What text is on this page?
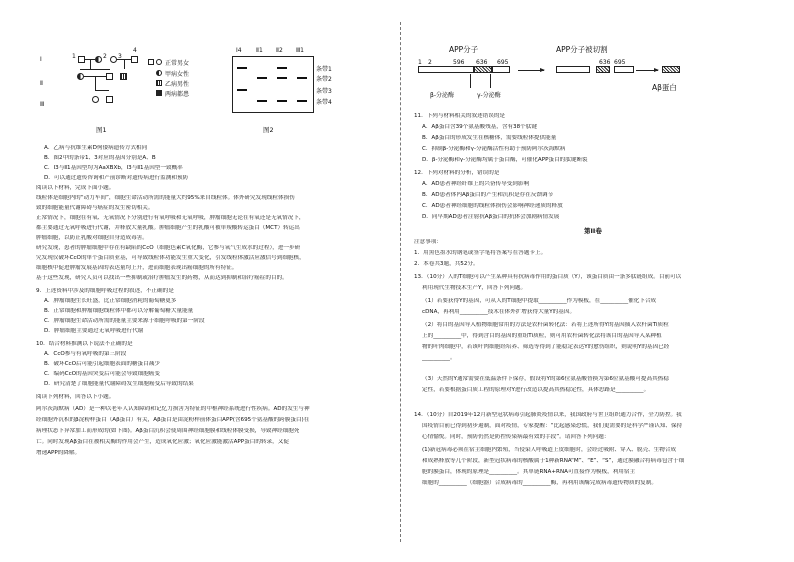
Ⅰ
Ⅱ
Ⅲ
1	2 3
4
正常男女
甲病女性
乙病男性
两病都患
图1
Ⅰ4 Ⅱ1 Ⅱ2 Ⅲ1
条带1
条带2
条带3
条带4
图2
A．乙病与抗维生素D佝偻病遗传方式相同
B．图2中的条带1、3对应的基因分别是A、B
C．Ⅰ3与Ⅱ1基因型均为AaXBXb，Ⅰ3与Ⅱ1基因型一致概率
D．可以通过遗传咨询和产前诊断对遗传病进行监测和预防
阅读以下材料，完成下面小题。
线粒体是细胞内的“动力车间”，细胞生命活动所需的能量大约95%来自线粒体。体外研究发现线粒体损伤
致的细胞能量代谢障碍与癌症的发生密切相关。
正常情况下，细胞在有氧、无氧情况下分别进行有氧呼吸和无氧呼吸，肿瘤细胞无论在有氧还是无氧情况下，
都主要通过无氧呼吸进行代谢，并释放大量乳酸。肿瘤细胞产生的乳酸可被单羧酸转运蛋白（MCT）转运出
肿瘤细胞，以防止乳酸对细胞自身造成毒害。
研究发现，患者的肿瘤细胞中存在有缺陷的CcO（细胞色素C氧化酶，它参与氧气生成水的过程），进一步研
究发现仅破坏CcO的单个蛋白质亚基，可导致线粒体功能发生重大变化，引发线粒体激活应激信号到细胞核，
细胞核中促进肿瘤发展基因的表达量均上升，进而细胞表现出癌细胞的所有特征。
基于这些发现，研究人员可以找出一些抑制或治疗肿瘤发生的药物，从而达到抑制和治疗癌症的目的。
9．上述资料中涉及的细胞呼吸过程的叙述，不正确的是
A．肿瘤细胞生长旺盛，比正常细胞消耗的葡萄糖更多
B．正常细胞和肿瘤细胞线粒体中都可以分解葡萄糖大量能量
C．肿瘤细胞生命活动所需的能量主要来源于细胞呼吸的第一阶段
D．肿瘤细胞主要通过无氧呼吸进行代谢
10．结合材料推测以下说法不正确的是
A．CcO参与有氧呼吸的第三阶段
B．破坏CcO后可能引起细胞表面的糖蛋白减少
C．编码CcO的基因突变后可能会导致细胞癌变
D．研究清楚了细胞能量代谢障碍发生细胞癌变后导致的结果
阅读下列材料，回答以下小题。
阿尔茨海默病（AD）是一种以老年人认知障碍和记忆力损害为特征的中枢神经系统进行性疾病。AD的发生与神
经细胞外沉积的β淀粉样蛋白（Aβ蛋白）有关，Aβ蛋白是由淀粉样前体蛋白APP(含695个氨基酸的跨膜蛋白)在
病理状态下异常加工而形成的(如下图)。Aβ蛋白沉积会使周围神经细胞膜和线粒体膜受损，导致神经细胞死
亡。同时发现Aβ蛋白在被相关酶的作用会产生，造成氧化应激；氧化应激能激活APP蛋白的转录，又促
增递APP的降解。
APP分子
1 2	596 636 695
β-分泌酶	γ-分泌酶
APP分子被切割
636 695
Aβ蛋白
11．下列与材料相关的叙述错误的是
A．Aβ蛋白含39个氨基酸残基，含有38个肽键
B．Aβ蛋白的形成发生在核糖体，需要线粒体提供能量
C．抑制β-分泌酶和γ-分泌酶活性有助于预防阿尔茨海默病
D．β-分泌酶和γ-分泌酶均属于蛋白酶，可催化APP蛋白的肽键断裂
12．下列对材料的分析，错误的是
A．AD患者神经纤维上的兴奋传导受到影响
B．AD患者体内Aβ蛋白的产生和沉积是存在反馈调节
C．AD患者神经细胞的线粒体损伤会影响神经递质的释放
D．同早期AD患者注射抗Aβ蛋白的抗体会加剧病情发展
第II卷
注意事项：
1．用黑色墨水的钢笔或签字笔将答案写在答题卡上。
2．本卷共3题，共52分。
13．（10分）人的T细胞可以产生某种具有抗病毒作用的蛋白质（Y），该蛋白质由一条多肽链组成。目前可以
利用现代生物技术生产Y，回答下列问题。
（1）若要获得Y的基因，可从人的T细胞中提取__________作为模板，在__________催化下合成
cDNA，再利用__________技术在体外扩增获得大量Y的基因。
（2）将目的基因导入植物细胞常用的方法是农杆菌转化法：若将上述所得Y的基因插入农杆菌Ti质粒
上的__________中，得到含目的基因的重组Ti质粒，则可用农杆菌转化法将该目的基因导入某种植
物的叶肉细胞中，若该叶肉细胞经培养、筛选等得到了能稳定表达Y的愈伤组织，则说明Y的基因已经
__________。
（3）天然的Y通常需要在低温条件下保存，假设将Y的第6位氨基酸替换为第6位氨基酸可提高其热稳
定性，若要根据蛋白质工程的原理对Y进行改造以提高其热稳定性，具体思路是__________。
14．（10分）自2019年12月新型冠状病毒引起肺炎疫情以来，我国政府与世卫组织通力合作，全力防控。我
国疫情目前已得到初步遏制，面对疫情，专家提醒：“比起感染恐慌，我们更需要的是科学严谨认知、保持
心情愉悦。同时，预防仍然是防控传染病最有效的手段”。请回答下列问题：
(1)新冠病毒必须在宿主细胞内繁殖，当侵染人呼吸道上皮细胞时，会经过吸附、穿入、脱壳、生物合成
和成熟释放等几个阶段，新型冠状病毒的核酸属于1种新RNA“M”、“E”、“S”，通过膜融合将病毒包含于细
胞的膜蛋白，体现的原理是__________。其单链RNA+RNA可直接作为模板，利用宿主
细胞的__________（细胞器）合成病毒的__________酶，再利用该酶完成病毒遗传物质的复制。
